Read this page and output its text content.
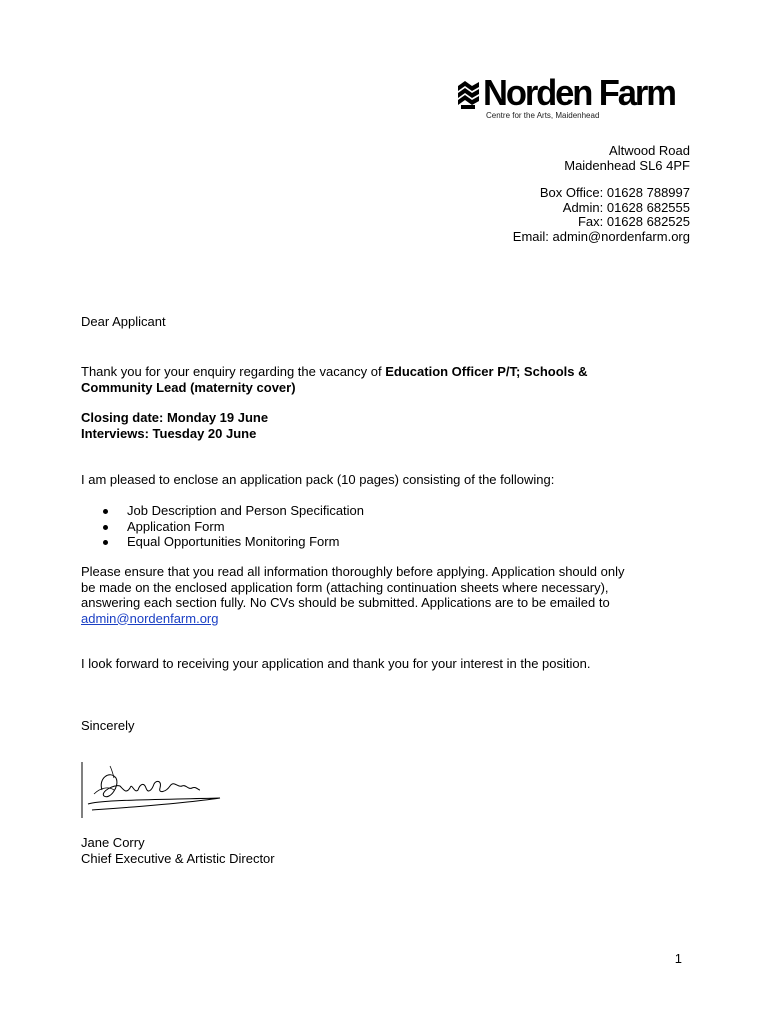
Norden Farm
Centre for the Arts, Maidenhead
Altwood Road
Maidenhead SL6 4PF
Box Office: 01628 788997
Admin: 01628 682555
Fax: 01628 682525
Email: admin@nordenfarm.org
Dear Applicant
Thank you for your enquiry regarding the vacancy of Education Officer P/T; Schools &
Community Lead (maternity cover)
Closing date: Monday 19 June
Interviews: Tuesday 20 June
I am pleased to enclose an application pack (10 pages) consisting of the following:
Job Description and Person Specification
Application Form
Equal Opportunities Monitoring Form
Please ensure that you read all information thoroughly before applying. Application should only
be made on the enclosed application form (attaching continuation sheets where necessary),
answering each section fully. No CVs should be submitted. Applications are to be emailed to
admin@nordenfarm.org
I look forward to receiving your application and thank you for your interest in the position.
Sincerely
Jane Corry
Chief Executive & Artistic Director
1
